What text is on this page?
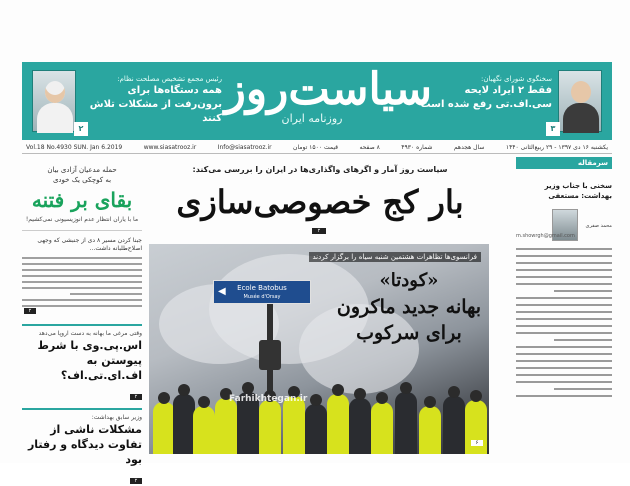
سیاست‌روز
روزنامه ایران
۲
رئیس مجمع تشخیص مصلحت نظام:
همه دستگاه‌ها برای برون‌رفت از مشکلات تلاش کنند
۳
سخنگوی شورای نگهبان:
فقط ۲ ایراد لایحه سی.اف.تی رفع شده است
یکشنبه ۱۶ دی ۱۳۹۷ - ۲۹ ربیع‌الثانی ۱۴۴۰
سال هجدهم
شماره ۴۹۳۰
۸ صفحه
قیمت ۱۵۰۰ تومان
Info@siasatrooz.ir
www.siasatrooz.ir
Vol.18 No.4930 SUN. Jan 6.2019
سرمقاله
سخنی با جناب وزیر بهداشت: مستعفی
محمد صفری
m.showrgh@gmail.com
سیاست روز آمار و اگرهای واگذاری‌ها در ایران را بررسی می‌کند:
بار کج خصوصی‌سازی
۲
فرانسوی‌ها تظاهرات هشتمین شنبه سیاه را برگزار کردند
◀ Ecole Batobus
Musée d'Orsay
Farhikhtegan.ir
«کودتا»
بهانه جدید ماکرون
برای سرکوب
۶
حمله مدعیان آزادی بیان
به کوچکی یک خودی
بقای بر فتنه
ما با یاران انتظار عدم انوزیسیونی نمی‌کشیم!
جبنا کردن مسیر ۸ دی از جنبشی که وجهی اصلاح‌طلبانه داشت...
۲
وقتی مرغی ما بهانه به دست اروپا می‌دهد
اس.پی.وی با شرط پیوستن به اف.ای.تی.اف؟
۲
وزیر سابق بهداشت:
مشکلات ناشی از تفاوت دیدگاه و رفتار بود
۲
